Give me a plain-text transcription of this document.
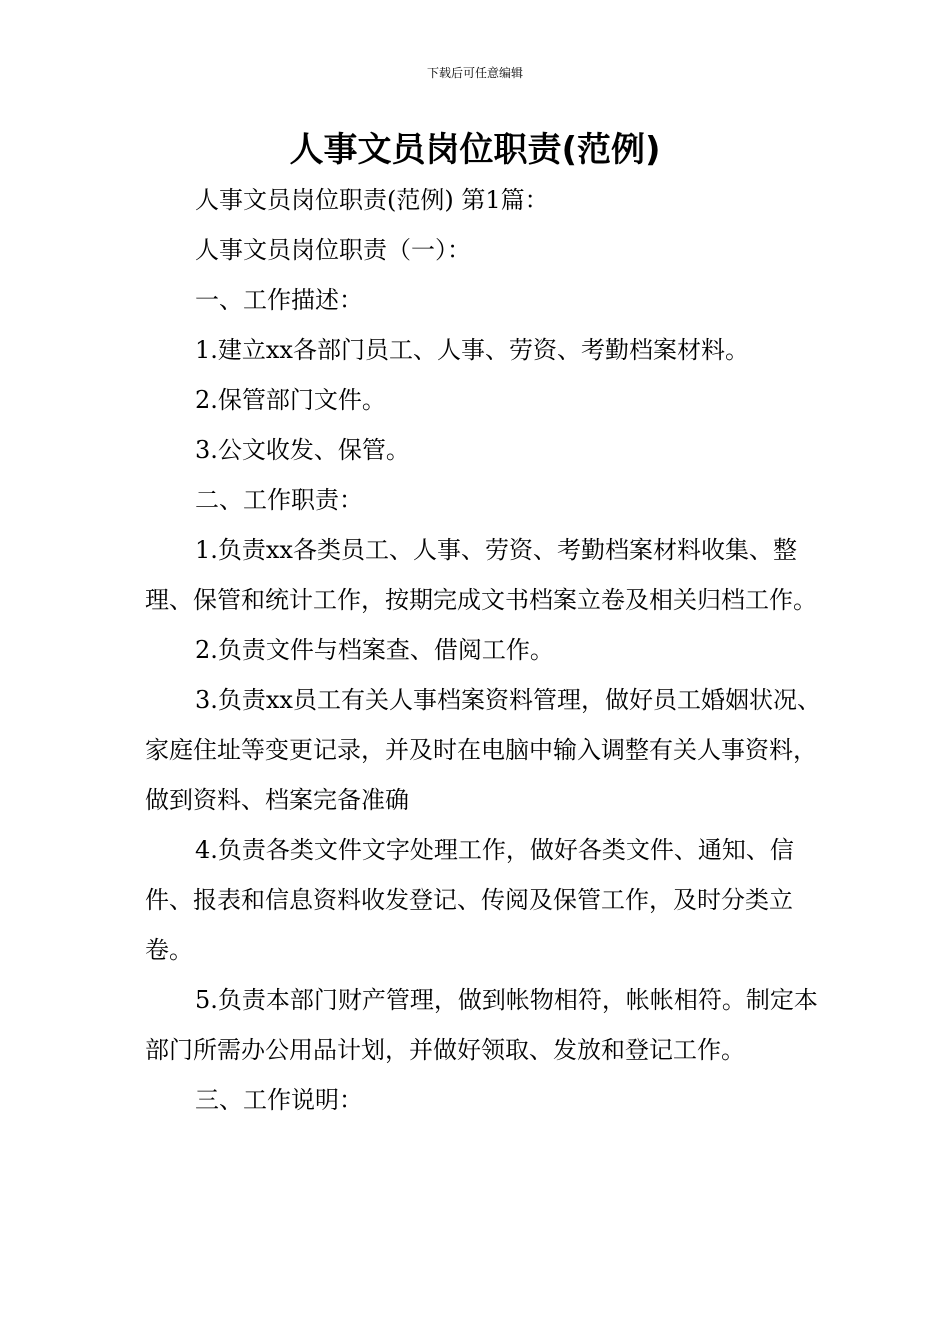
下载后可任意编辑
人事文员岗位职责(范例)

人事文员岗位职责(范例) 第1篇：

人事文员岗位职责（一）：

一、工作描述：

1.建立xx各部门员工、人事、劳资、考勤档案材料。

2.保管部门文件。

3.公文收发、保管。

二、工作职责：

1.负责xx各类员工、人事、劳资、考勤档案材料收集、整理、保管和统计工作，按期完成文书档案立卷及相关归档工作。

2.负责文件与档案查、借阅工作。

3.负责xx员工有关人事档案资料管理，做好员工婚姻状况、家庭住址等变更记录，并及时在电脑中输入调整有关人事资料，做到资料、档案完备准确

4.负责各类文件文字处理工作，做好各类文件、通知、信件、报表和信息资料收发登记、传阅及保管工作，及时分类立卷。

5.负责本部门财产管理，做到帐物相符，帐帐相符。制定本部门所需办公用品计划，并做好领取、发放和登记工作。

三、工作说明：
